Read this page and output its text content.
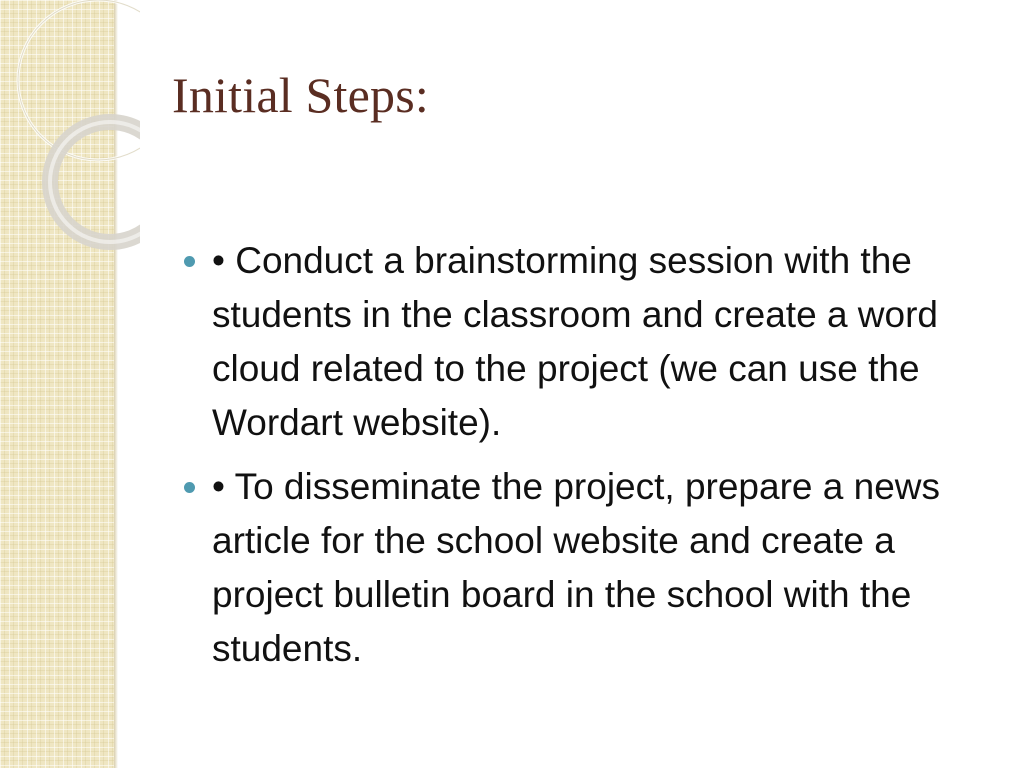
Initial Steps:
• Conduct a brainstorming session with the students in the classroom and create a word cloud related to the project (we can use the Wordart website).
• To disseminate the project, prepare a news article for the school website and create a project bulletin board in the school with the students.
